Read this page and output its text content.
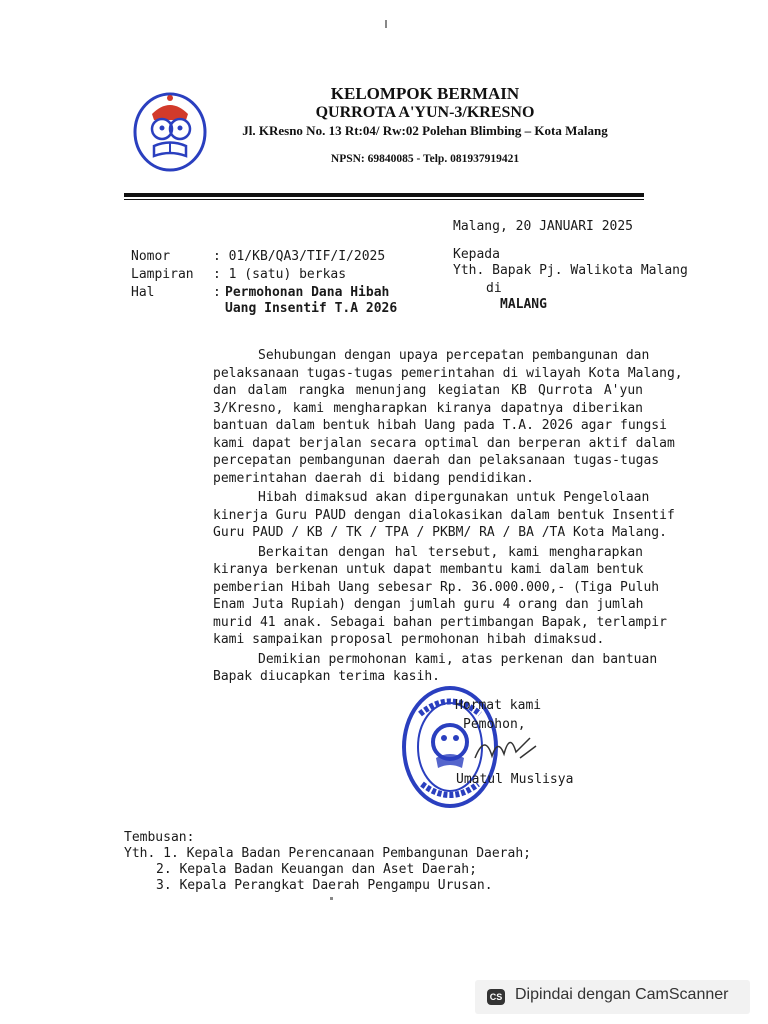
KELOMPOK BERMAIN
QURROTA A'YUN-3/KRESNO
Jl. KResno No. 13 Rt:04/ Rw:02 Polehan Blimbing – Kota Malang
NPSN: 69840085 - Telp. 081937919421
Malang, 20 JANUARI 2025
Nomor	: 01/KB/QA3/TIF/I/2025
Lampiran : 1 (satu) berkas
Hal	: Permohonan Dana Hibah
Uang Insentif T.A 2026
Kepada
Yth. Bapak Pj. Walikota Malang
di
MALANG
Sehubungan dengan upaya percepatan pembangunan dan
pelaksanaan tugas-tugas pemerintahan di wilayah Kota Malang,
dan dalam rangka menunjang kegiatan KB Qurrota A'yun
3/Kresno, kami mengharapkan kiranya dapatnya diberikan
bantuan dalam bentuk hibah Uang pada T.A. 2026 agar fungsi
kami dapat berjalan secara optimal dan berperan aktif dalam
percepatan pembangunan daerah dan pelaksanaan tugas-tugas
pemerintahan daerah di bidang pendidikan.
Hibah dimaksud akan dipergunakan untuk Pengelolaan
kinerja Guru PAUD dengan dialokasikan dalam bentuk Insentif
Guru PAUD / KB / TK / TPA / PKBM/ RA / BA /TA Kota Malang.
Berkaitan dengan hal tersebut, kami mengharapkan
kiranya berkenan untuk dapat membantu kami dalam bentuk
pemberian Hibah Uang sebesar Rp. 36.000.000,- (Tiga Puluh
Enam Juta Rupiah) dengan jumlah guru 4 orang dan jumlah
murid 41 anak. Sebagai bahan pertimbangan Bapak, terlampir
kami sampaikan proposal permohonan hibah dimaksud.
Demikian permohonan kami, atas perkenan dan bantuan
Bapak diucapkan terima kasih.
Hormat kami
Pemohon,
Umatul Muslisya
Tembusan:
Yth. 1. Kepala Badan Perencanaan Pembangunan Daerah;
2. Kepala Badan Keuangan dan Aset Daerah;
3. Kepala Perangkat Daerah Pengampu Urusan.
CS Dipindai dengan CamScanner
